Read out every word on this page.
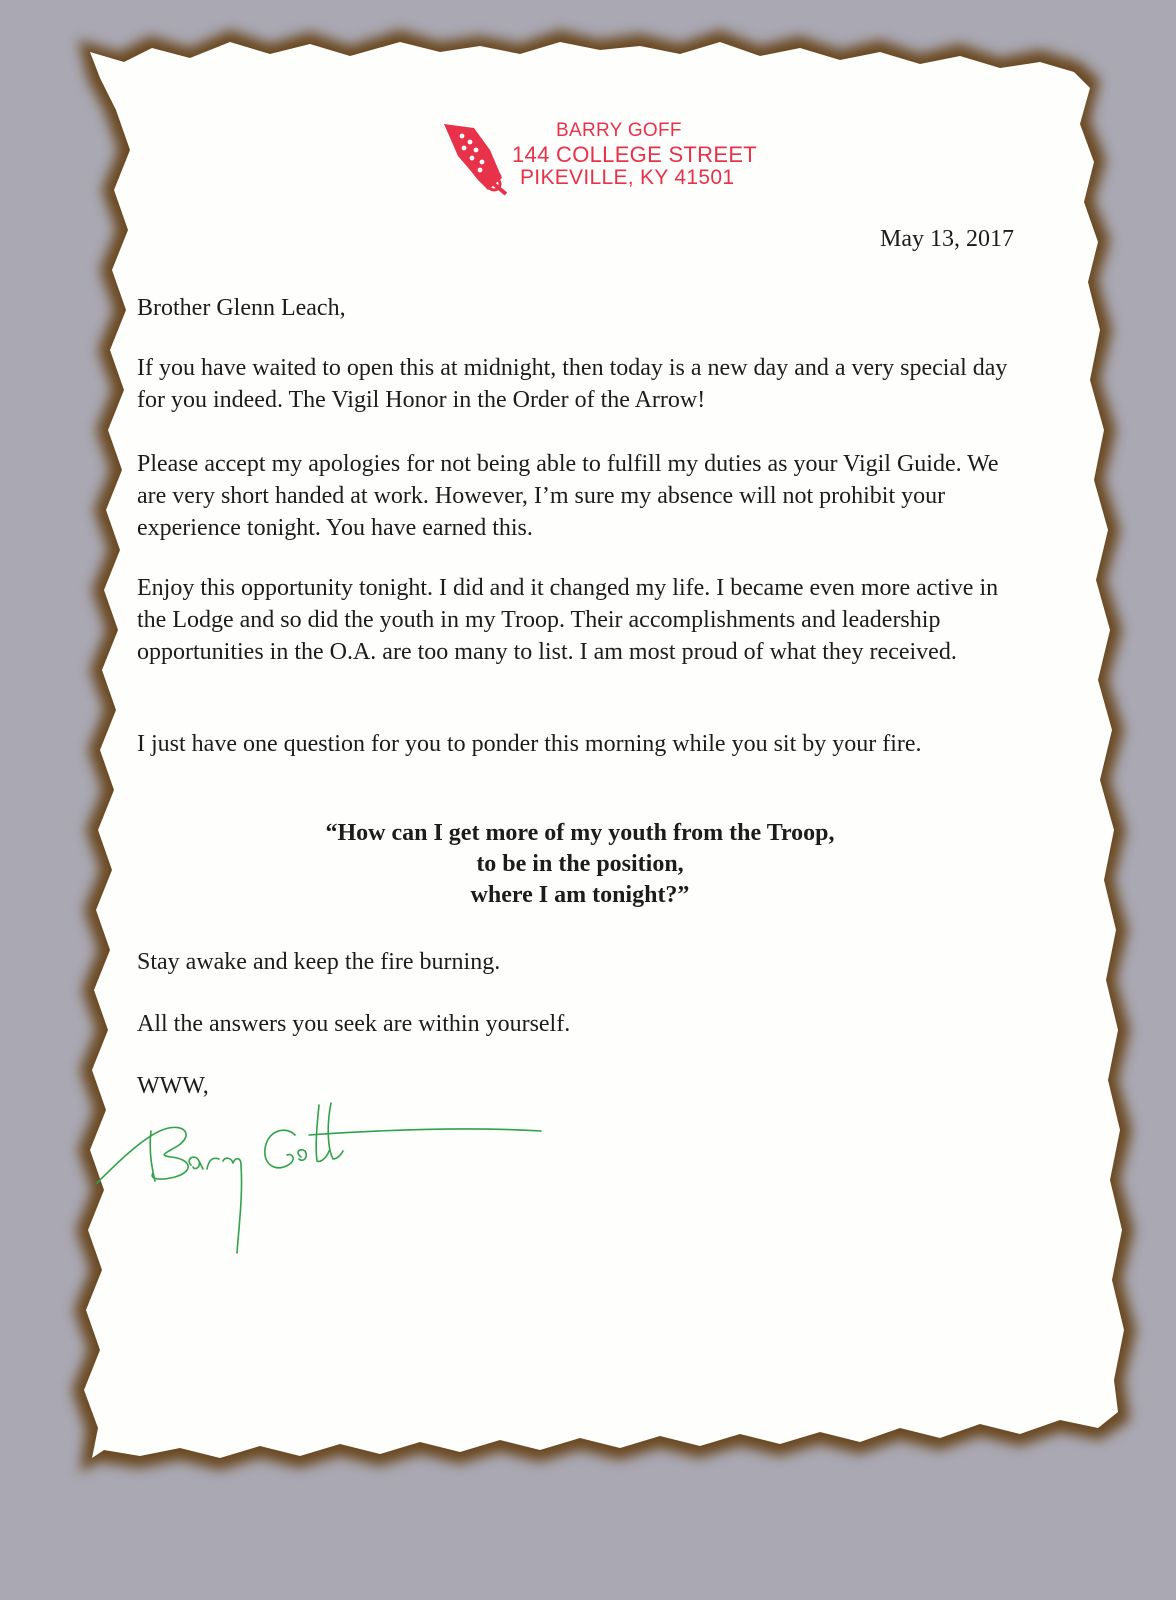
BARRY GOFF
144 COLLEGE STREET
PIKEVILLE, KY 41501
May 13, 2017
Brother Glenn Leach,

If you have waited to open this at midnight, then today is a new day and a very special day for you indeed. The Vigil Honor in the Order of the Arrow!

Please accept my apologies for not being able to fulfill my duties as your Vigil Guide. We are very short handed at work. However, I’m sure my absence will not prohibit your experience tonight. You have earned this.

Enjoy this opportunity tonight. I did and it changed my life. I became even more active in the Lodge and so did the youth in my Troop. Their accomplishments and leadership opportunities in the O.A. are too many to list. I am most proud of what they received.

I just have one question for you to ponder this morning while you sit by your fire.

“How can I get more of my youth from the Troop,
to be in the position,
where I am tonight?”

Stay awake and keep the fire burning.

All the answers you seek are within yourself.

WWW,
